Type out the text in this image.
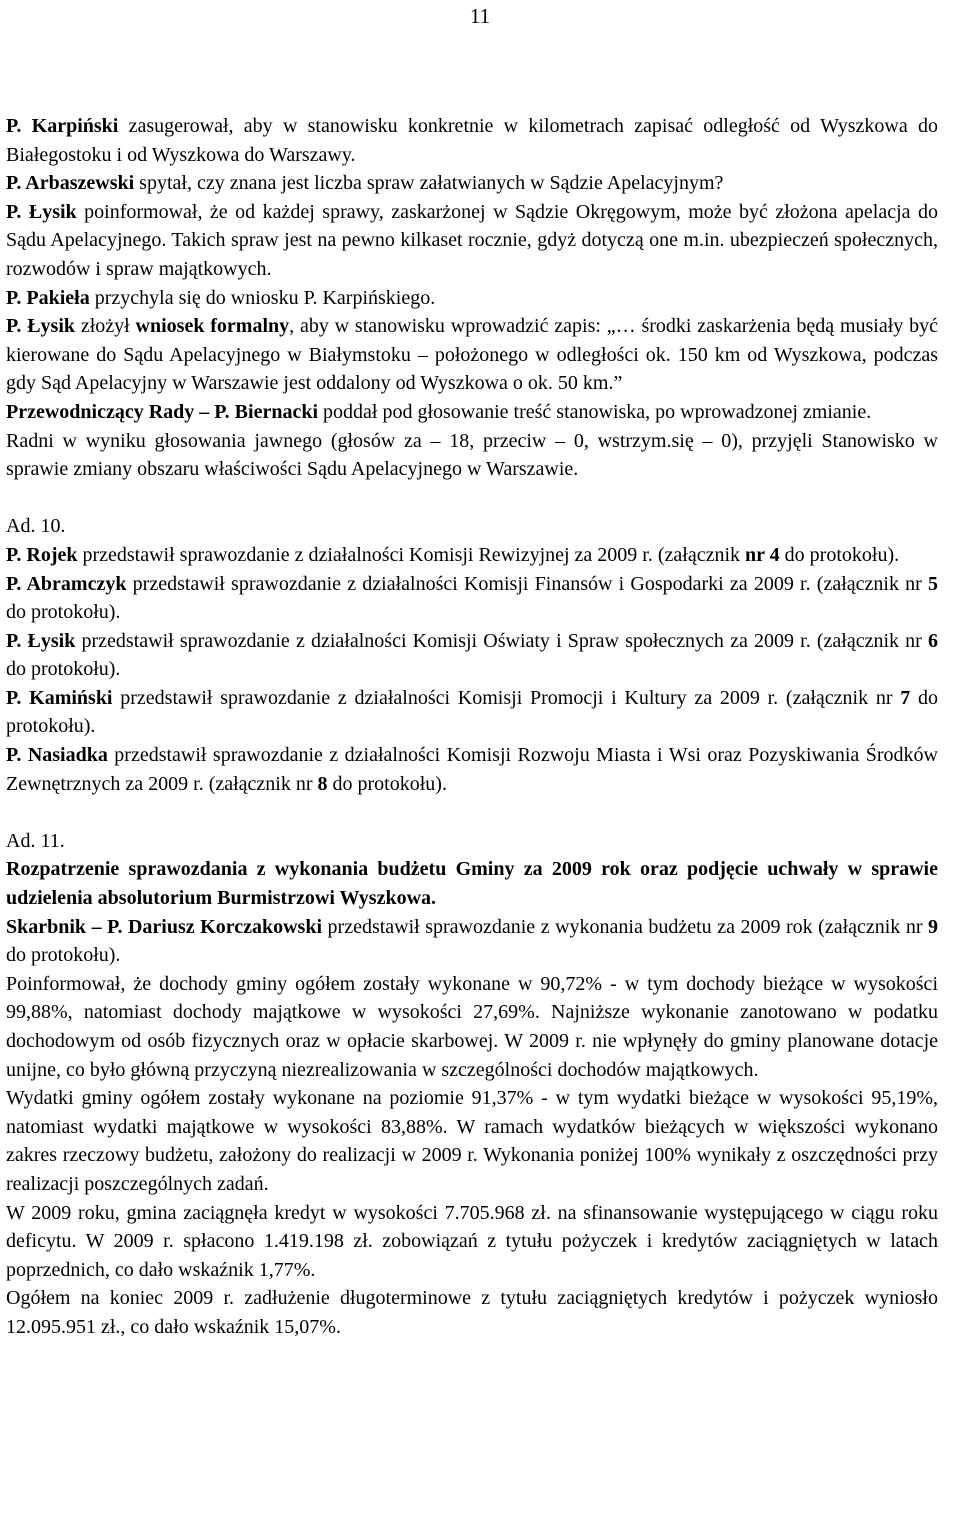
11

P. Karpiński zasugerował, aby w stanowisku konkretnie w kilometrach zapisać odległość od Wyszkowa do Białegostoku i od Wyszkowa do Warszawy.

P. Arbaszewski spytał, czy znana jest liczba spraw załatwianych w Sądzie Apelacyjnym?

P. Łysik poinformował, że od każdej sprawy, zaskarżonej w Sądzie Okręgowym, może być złożona apelacja do Sądu Apelacyjnego. Takich spraw jest na pewno kilkaset rocznie, gdyż dotyczą one m.in. ubezpieczeń społecznych, rozwodów i spraw majątkowych.

P. Pakieła przychyla się do wniosku P. Karpińskiego.

P. Łysik złożył wniosek formalny, aby w stanowisku wprowadzić zapis: „… środki zaskarżenia będą musiały być kierowane do Sądu Apelacyjnego w Białymstoku – położonego w odległości ok. 150 km od Wyszkowa, podczas gdy Sąd Apelacyjny w Warszawie jest oddalony od Wyszkowa o ok. 50 km.”

Przewodniczący Rady – P. Biernacki poddał pod głosowanie treść stanowiska, po wprowadzonej zmianie.

Radni w wyniku głosowania jawnego (głosów za – 18, przeciw – 0, wstrzym.się – 0), przyjęli Stanowisko w sprawie zmiany obszaru właściwości Sądu Apelacyjnego w Warszawie.

Ad. 10.

P. Rojek przedstawił sprawozdanie z działalności Komisji Rewizyjnej za 2009 r. (załącznik nr 4 do protokołu).

P. Abramczyk przedstawił sprawozdanie z działalności Komisji Finansów i Gospodarki za 2009 r. (załącznik nr 5 do protokołu).

P. Łysik przedstawił sprawozdanie z działalności Komisji Oświaty i Spraw społecznych za 2009 r. (załącznik nr 6 do protokołu).

P. Kamiński przedstawił sprawozdanie z działalności Komisji Promocji i Kultury za 2009 r. (załącznik nr 7 do protokołu).

P. Nasiadka przedstawił sprawozdanie z działalności Komisji Rozwoju Miasta i Wsi oraz Pozyskiwania Środków Zewnętrznych za 2009 r. (załącznik nr 8 do protokołu).

Ad. 11.

Rozpatrzenie sprawozdania z wykonania budżetu Gminy za 2009 rok oraz podjęcie uchwały w sprawie udzielenia absolutorium Burmistrzowi Wyszkowa.

Skarbnik – P. Dariusz Korczakowski przedstawił sprawozdanie z wykonania budżetu za 2009 rok (załącznik nr 9 do protokołu).

Poinformował, że dochody gminy ogółem zostały wykonane w 90,72% - w tym dochody bieżące w wysokości 99,88%, natomiast dochody majątkowe w wysokości 27,69%. Najniższe wykonanie zanotowano w podatku dochodowym od osób fizycznych oraz w opłacie skarbowej. W 2009 r. nie wpłynęły do gminy planowane dotacje unijne, co było główną przyczyną niezrealizowania w szczególności dochodów majątkowych.

Wydatki gminy ogółem zostały wykonane na poziomie 91,37% - w tym wydatki bieżące w wysokości 95,19%, natomiast wydatki majątkowe w wysokości 83,88%. W ramach wydatków bieżących w większości wykonano zakres rzeczowy budżetu, założony do realizacji w 2009 r. Wykonania poniżej 100% wynikały z oszczędności przy realizacji poszczególnych zadań.

W 2009 roku, gmina zaciągnęła kredyt w wysokości 7.705.968 zł. na sfinansowanie występującego w ciągu roku deficytu. W 2009 r. spłacono 1.419.198 zł. zobowiązań z tytułu pożyczek i kredytów zaciągniętych w latach poprzednich, co dało wskaźnik 1,77%.

Ogółem na koniec 2009 r. zadłużenie długoterminowe z tytułu zaciągniętych kredytów i pożyczek wyniosło 12.095.951 zł., co dało wskaźnik 15,07%.
